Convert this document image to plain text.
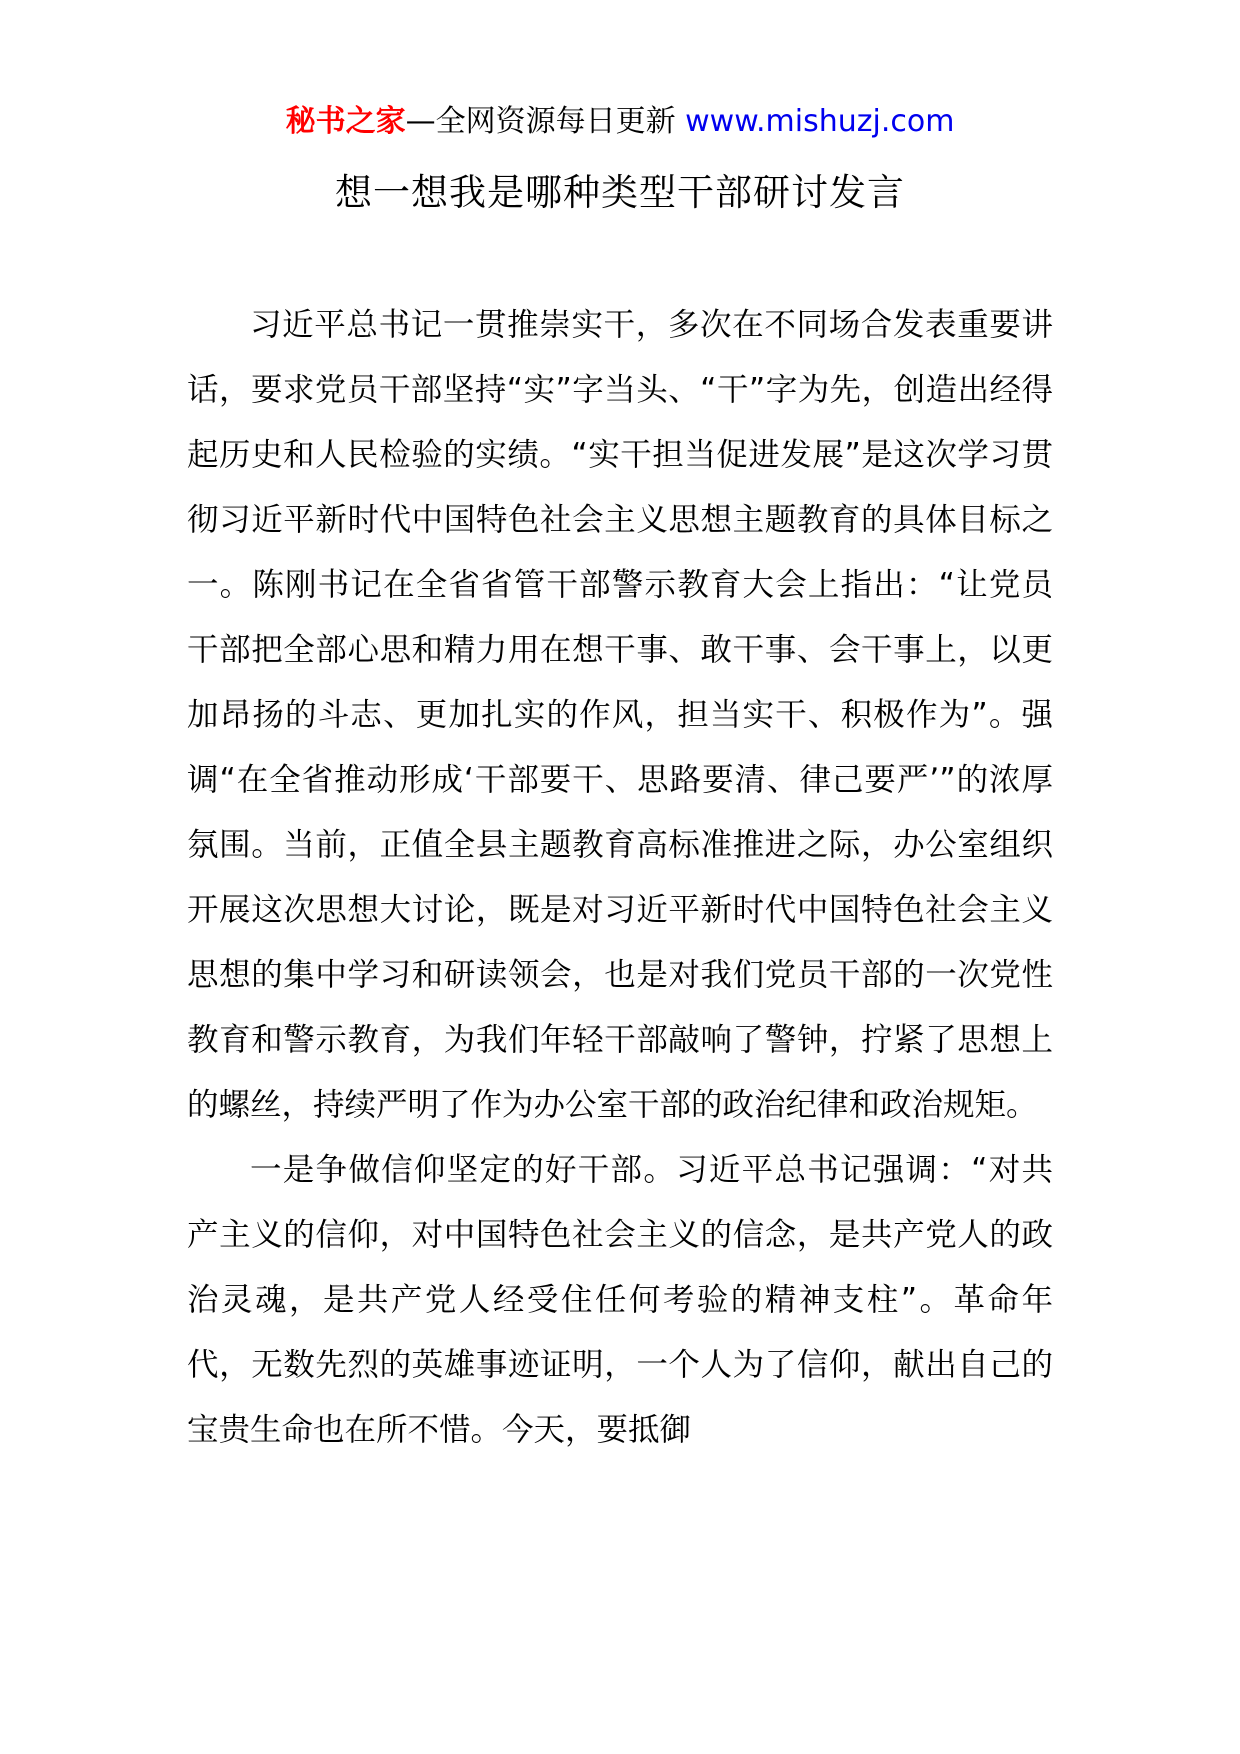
秘书之家—全网资源每日更新 www.mishuzj.com
想一想我是哪种类型干部研讨发言

习近平总书记一贯推崇实干，多次在不同场合发表重要讲话，要求党员干部坚持“实”字当头、“干”字为先，创造出经得起历史和人民检验的实绩。“实干担当促进发展”是这次学习贯彻习近平新时代中国特色社会主义思想主题教育的具体目标之一。陈刚书记在全省省管干部警示教育大会上指出：“让党员干部把全部心思和精力用在想干事、敢干事、会干事上，以更加昂扬的斗志、更加扎实的作风，担当实干、积极作为”。强调“在全省推动形成‘干部要干、思路要清、律己要严’”的浓厚氛围。当前，正值全县主题教育高标准推进之际，办公室组织开展这次思想大讨论，既是对习近平新时代中国特色社会主义思想的集中学习和研读领会，也是对我们党员干部的一次党性教育和警示教育，为我们年轻干部敲响了警钟，拧紧了思想上的螺丝，持续严明了作为办公室干部的政治纪律和政治规矩。

一是争做信仰坚定的好干部。习近平总书记强调：“对共产主义的信仰，对中国特色社会主义的信念，是共产党人的政治灵魂，是共产党人经受住任何考验的精神支柱”。革命年代，无数先烈的英雄事迹证明，一个人为了信仰，献出自己的宝贵生命也在所不惜。今天，要抵御
